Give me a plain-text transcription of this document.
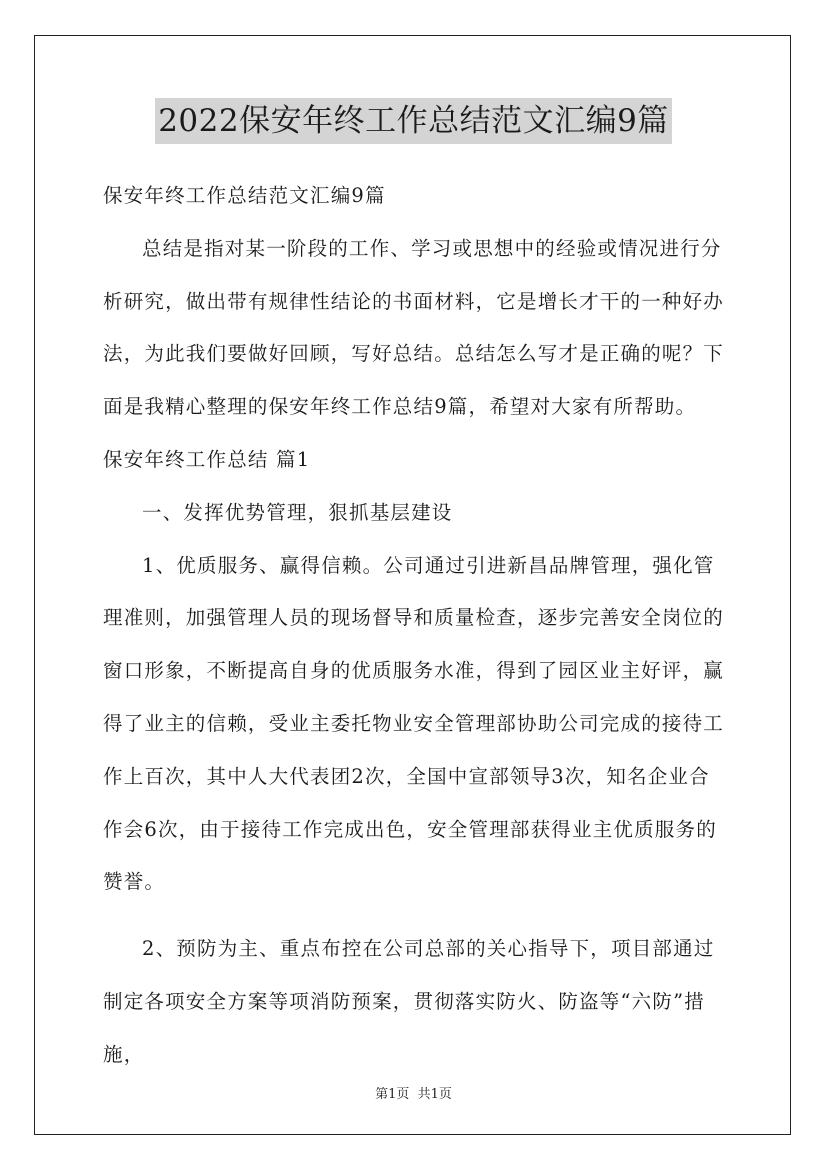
2022保安年终工作总结范文汇编9篇

保安年终工作总结范文汇编9篇

总结是指对某一阶段的工作、学习或思想中的经验或情况进行分析研究，做出带有规律性结论的书面材料，它是增长才干的一种好办法，为此我们要做好回顾，写好总结。总结怎么写才是正确的呢？下面是我精心整理的保安年终工作总结9篇，希望对大家有所帮助。

保安年终工作总结 篇1

一、发挥优势管理，狠抓基层建设

1、优质服务、赢得信赖。公司通过引进新昌品牌管理，强化管理准则，加强管理人员的现场督导和质量检查，逐步完善安全岗位的窗口形象，不断提高自身的优质服务水准，得到了园区业主好评，赢得了业主的信赖，受业主委托物业安全管理部协助公司完成的接待工作上百次，其中人大代表团2次，全国中宣部领导3次，知名企业合作会6次，由于接待工作完成出色，安全管理部获得业主优质服务的赞誉。

2、预防为主、重点布控在公司总部的关心指导下，项目部通过制定各项安全方案等项消防预案，贯彻落实防火、防盗等“六防”措施，

第1页 共1页
